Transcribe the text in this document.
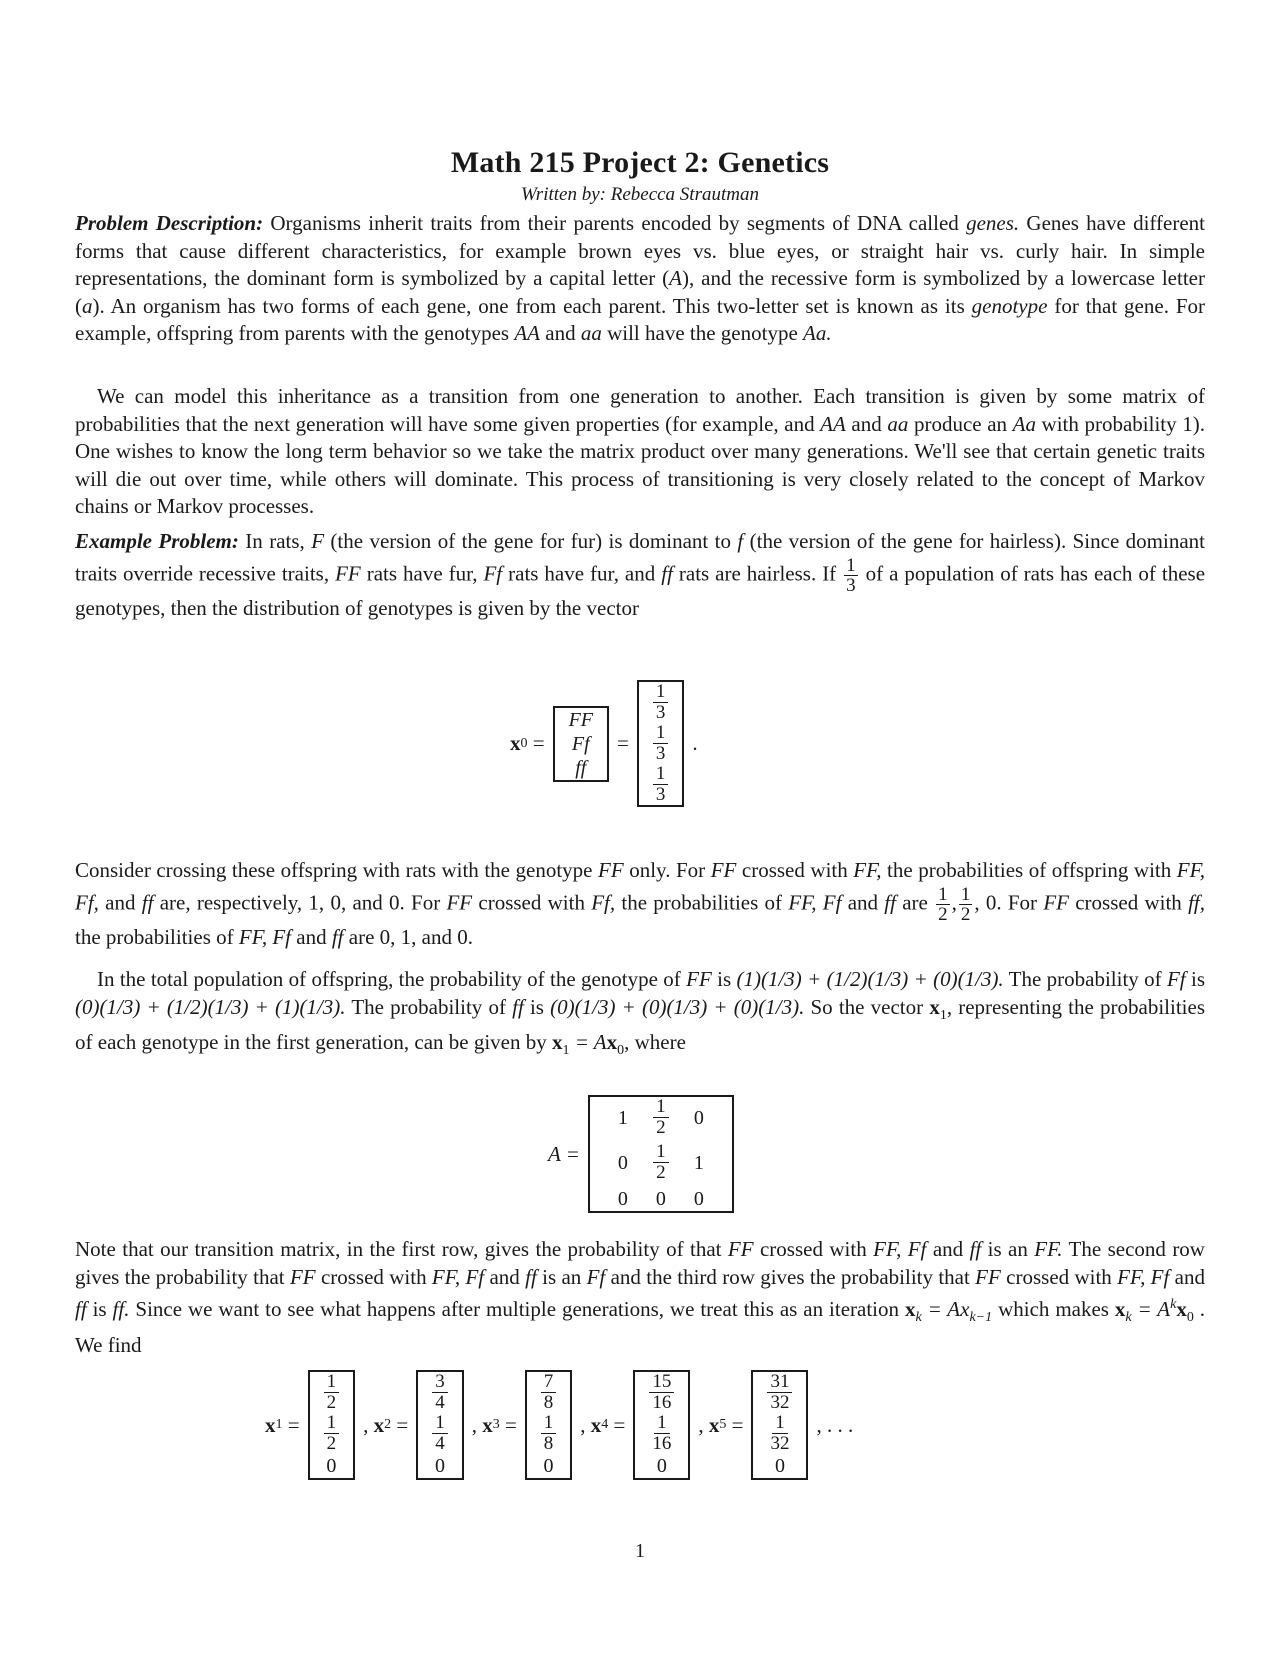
Math 215 Project 2: Genetics
Written by: Rebecca Strautman

Problem Description: Organisms inherit traits from their parents encoded by segments of DNA called genes. Genes have different forms that cause different characteristics, for example brown eyes vs. blue eyes, or straight hair vs. curly hair. In simple representations, the dominant form is symbolized by a capital letter (A), and the recessive form is symbolized by a lowercase letter (a). An organism has two forms of each gene, one from each parent. This two-letter set is known as its genotype for that gene. For example, offspring from parents with the genotypes AA and aa will have the genotype Aa.

We can model this inheritance as a transition from one generation to another. Each transition is given by some matrix of probabilities that the next generation will have some given properties (for example, and AA and aa produce an Aa with probability 1). One wishes to know the long term behavior so we take the matrix product over many generations. We'll see that certain genetic traits will die out over time, while others will dominate. This process of transitioning is very closely related to the concept of Markov chains or Markov processes.

Example Problem: In rats, F (the version of the gene for fur) is dominant to f (the version of the gene for hairless). Since dominant traits override recessive traits, FF rats have fur, Ff rats have fur, and ff rats are hairless. If $\frac{1}{3}$ of a population of rats has each of these genotypes, then the distribution of genotypes is given by the vector

x 0
=
FF
Ff
ff
=
1
3
1
3
1
3
.

Consider crossing these offspring with rats with the genotype FF only. For FF crossed with FF, the probabilities of offspring with FF, Ff, and ff are, respectively, 1, 0, and 0. For FF crossed with Ff, the probabilities of FF, Ff and ff are $\frac{1}{2}$ , $\frac{1}{2}$ , 0. For FF crossed with ff, the probabilities of FF, Ff and ff are 0, 1, and 0.

In the total population of offspring, the probability of the genotype of FF is (1)(1/3) + (1/2)(1/3) + (0)(1/3). The probability of Ff is (0)(1/3) + (1/2)(1/3) + (1)(1/3). The probability of ff is (0)(1/3) + (0)(1/3) + (0)(1/3). So the vector $x_1$, representing the probabilities of each genotype in the first generation, can be given by $x_1 = Ax_0$, where

A =
1 1
2 0
0 1
2 1
0 0 0

Note that our transition matrix, in the first row, gives the probability of that FF crossed with FF, Ff and ff is an FF. The second row gives the probability that FF crossed with FF, Ff and ff is an Ff and the third row gives the probability that FF crossed with FF, Ff and ff is ff. Since we want to see what happens after multiple generations, we treat this as an iteration $x_k = Ax_{k-1}$ which makes $x_k = A^kx_0$ . We find

x 1
=
1
2
1
2
0
,
x 2
=
3
4
1
4
0
,
x 3
=
7
8
1
8
0
,
x 4
=
15
16
1
16
0
,
x 5
=
31
32
1
32
0
, . . .
1
